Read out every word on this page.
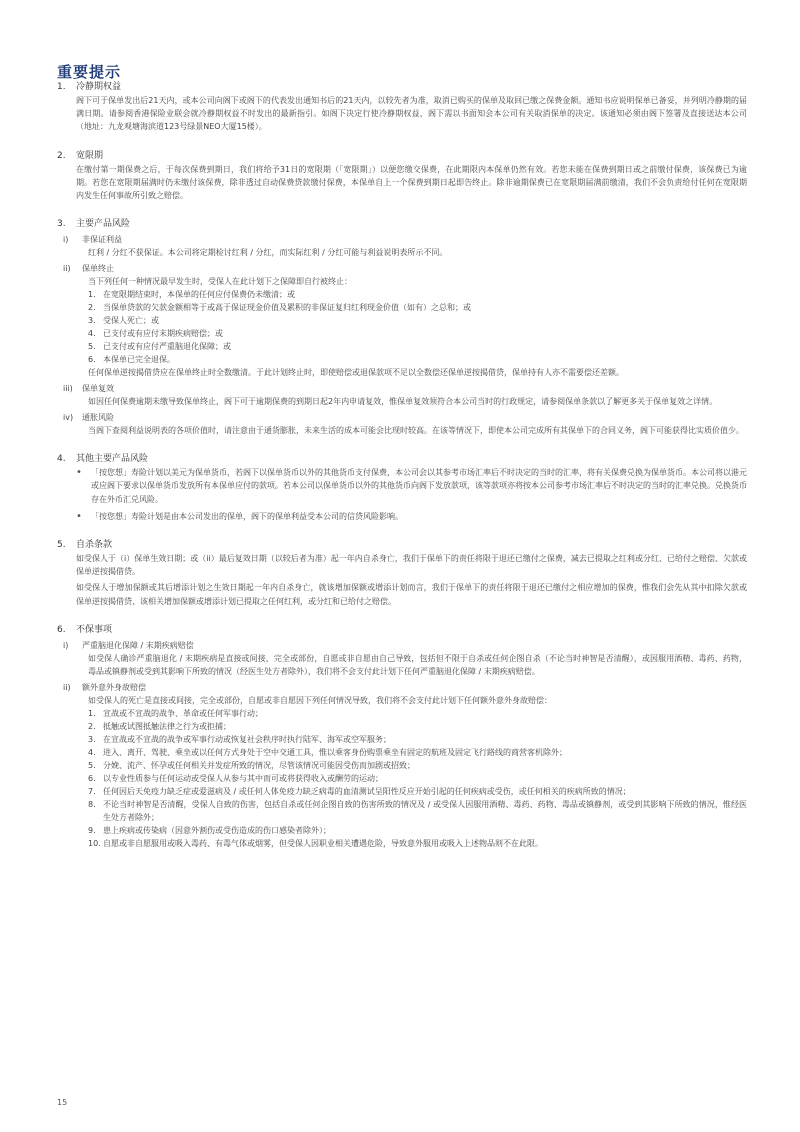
重要提示
1.	冷静期权益
阁下可于保单发出后21天内，或本公司向阁下或阁下的代表发出通知书后的21天内，以较先者为准，取消已购买的保单及取回已缴之保费金额。通知书应说明保单已备妥，并列明冷静期的届满日期。请参阅香港保险业联会就冷静期权益不时发出的最新指引。如阁下决定行使冷静期权益，阁下需以书面知会本公司有关取消保单的决定。该通知必须由阁下签署及直接送达本公司（地址：九龙观塘海滨道123号绿景NEO大厦15楼）。
2.	宽限期
在缴付第一期保费之后，于每次保费到期日，我们将给予31日的宽限期（「宽限期」）以便您缴交保费，在此期限内本保单仍然有效。若您未能在保费到期日或之前缴付保费，该保费已为逾期。若您在宽限期届满时仍未缴付该保费，除非透过自动保费贷款缴付保费，本保单自上一个保费到期日起即告终止。除非逾期保费已在宽限期届满前缴清，我们不会负责给付任何在宽限期内发生任何事故所引致之赔偿。
3.	主要产品风险
i)	非保证利益
红利 / 分红不获保证。本公司将定期检讨红利 / 分红，而实际红利 / 分红可能与利益说明表所示不同。
ii)	保单终止
当下列任何一种情况最早发生时，受保人在此计划下之保障即自行被终止：
1. 在宽限期结束时，本保单的任何应付保费仍未缴清；或
2. 当保单贷款的欠款金额相等于或高于保证现金价值及累积的非保证复归红利现金价值（如有）之总和；或
3. 受保人死亡；或
4. 已支付或有应付末期疾病赔偿；或
5. 已支付或有应付严重脑退化保障；或
6. 本保单已完全退保。
任何保单逆按揭借贷应在保单终止时全数缴清。于此计划终止时，即使赔偿或退保款项不足以全数偿还保单逆按揭借贷，保单持有人亦不需要偿还差额。
iii)	保单复效
如因任何保费逾期未缴导致保单终止，阁下可于逾期保费的到期日起2年内申请复效，惟保单复效须符合本公司当时的行政规定，请参阅保单条款以了解更多关于保单复效之详情。
iv)	通胀风险
当阁下查阅利益说明表的各项价值时，请注意由于通货膨胀，未来生活的成本可能会比现时较高。在该等情况下，即使本公司完成所有其保单下的合同义务，阁下可能获得比实质价值少。
4.	其他主要产品风险
•	「按您想」寿险计划以美元为保单货币，若阁下以保单货币以外的其他货币支付保费，本公司会以其参考市场汇率后不时决定的当时的汇率，将有关保费兑换为保单货币。本公司将以港元或应阁下要求以保单货币发放所有本保单应付的款项。若本公司以保单货币以外的其他货币向阁下发放款项，该等款项亦将按本公司参考市场汇率后不时决定的当时的汇率兑换。兑换货币存在外币汇兑风险。
•	「按您想」寿险计划是由本公司发出的保单，阁下的保单利益受本公司的信贷风险影响。
5.	自杀条款
如受保人于（i）保单生效日期；或（ii）最后复效日期（以较后者为准）起一年内自杀身亡，我们于保单下的责任将限于退还已缴付之保费，减去已提取之红利或分红、已给付之赔偿、欠款或保单逆按揭借贷。
如受保人于增加保额或其后增添计划之生效日期起一年内自杀身亡，就该增加保额或增添计划而言，我们于保单下的责任将限于退还已缴付之相应增加的保费，惟我们会先从其中扣除欠款或保单逆按揭借贷、该相关增加保额或增添计划已提取之任何红利，或分红和已给付之赔偿。
6.	不保事项
i)	严重脑退化保障 / 末期疾病赔偿
如受保人确诊严重脑退化 / 末期疾病是直接或间接，完全或部份，自愿或非自愿由自己导致，包括但不限于自杀或任何企图自杀（不论当时神智是否清醒），或因服用酒精、毒药、药物，毒品或镇静剂或受到其影响下所致的情况（经医生处方者除外），我们将不会支付此计划下任何严重脑退化保障 / 末期疾病赔偿。
ii)	额外意外身故赔偿
如受保人的死亡是直接或间接，完全或部份，自愿或非自愿因下列任何情况导致，我们将不会支付此计划下任何额外意外身故赔偿：
1. 宣战或不宣战的战争、革命或任何军事行动；
2. 抵触或试图抵触法律之行为或拒捕；
3. 在宣战或不宣战的战争或军事行动或恢复社会秩序时执行陆军、海军或空军服务；
4. 进入、离开、驾驶、乘坐或以任何方式身处于空中交通工具，惟以乘客身份购票乘坐有固定的航班及固定飞行路线的商营客机除外；
5. 分娩、流产、怀孕或任何相关并发症所致的情况，尽管该情况可能因受伤而加剧或招致；
6. 以专业性质参与任何运动或受保人从参与其中而可或将获得收入或酬劳的运动；
7. 任何因后天免疫力缺乏症或爱滋病及 / 或任何人体免疫力缺乏病毒的血清测试呈阳性反应开始引起的任何疾病或受伤，或任何相关的疾病所致的情况；
8. 不论当时神智是否清醒，受保人自致的伤害，包括自杀或任何企图自致的伤害所致的情况及 / 或受保人因服用酒精、毒药、药物、毒品或镇静剂，或受到其影响下所致的情况，惟经医生处方者除外；
9. 患上疾病或传染病（因意外割伤或受伤造成的伤口感染者除外）；
10. 自愿或非自愿服用或吸入毒药、有毒气体或烟雾，但受保人因职业相关遭遇危险，导致意外服用或吸入上述物品则不在此限。
15
